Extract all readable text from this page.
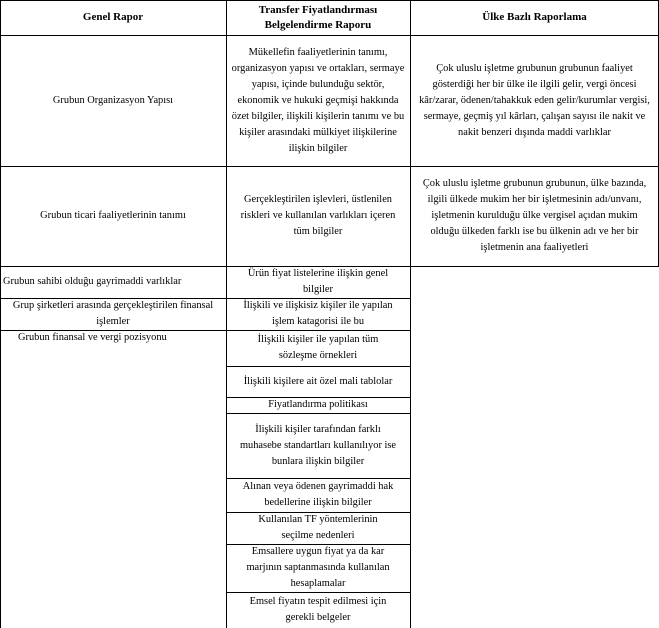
Genel Rapor
Transfer Fiyatlandırması Belgelendirme Raporu
Ülke Bazlı Raporlama
Grubun Organizasyon Yapısı
Mükellefin faaliyetlerinin tanımı, organizasyon yapısı ve ortakları, sermaye yapısı, içinde bulunduğu sektör, ekonomik ve hukuki geçmişi hakkında özet bilgiler, ilişkili kişilerin tanımı ve bu kişiler arasındaki mülkiyet ilişkilerine ilişkin bilgiler
Çok uluslu işletme grubunun grubunun faaliyet gösterdiği her bir ülke ile ilgili gelir, vergi öncesi kâr/zarar, ödenen/tahakkuk eden gelir/kurumlar vergisi, sermaye, geçmiş yıl kârları, çalışan sayısı ile nakit ve nakit benzeri dışında maddi varlıklar
Grubun ticari faaliyetlerinin tanımı
Gerçekleştirilen işlevleri, üstlenilen riskleri ve kullanılan varlıkları içeren tüm bilgiler
Çok uluslu işletme grubunun grubunun, ülke bazında, ilgili ülkede mukim her bir işletmesinin adı/unvanı, işletmenin kurulduğu ülke vergisel açıdan mukim olduğu ülkeden farklı ise bu ülkenin adı ve her bir işletmenin ana faaliyetleri
Grubun sahibi olduğu gayrimaddi varlıklar
Grup şirketleri arasında gerçekleştirilen finansal işlemler
Grubun finansal ve vergi pozisyonu
Ürün fiyat listelerine ilişkin genel bilgiler
İlişkili ve ilişkisiz kişiler ile yapılan işlem katagorisi ile bu
İlişkili kişiler ile yapılan tüm sözleşme örnekleri
İlişkili kişilere ait özel mali tablolar
Fiyatlandırma politikası
İlişkili kişiler tarafından farklı muhasebe standartları kullanılıyor ise bunlara ilişkin bilgiler
Alınan veya ödenen gayrimaddi hak bedellerine ilişkin bilgiler
Kullanılan TF yöntemlerinin seçilme nedenleri
Emsallere uygun fiyat ya da kar marjının saptanmasında kullanılan hesaplamalar
Emsel fiyatın tespit edilmesi için gerekli belgeler
